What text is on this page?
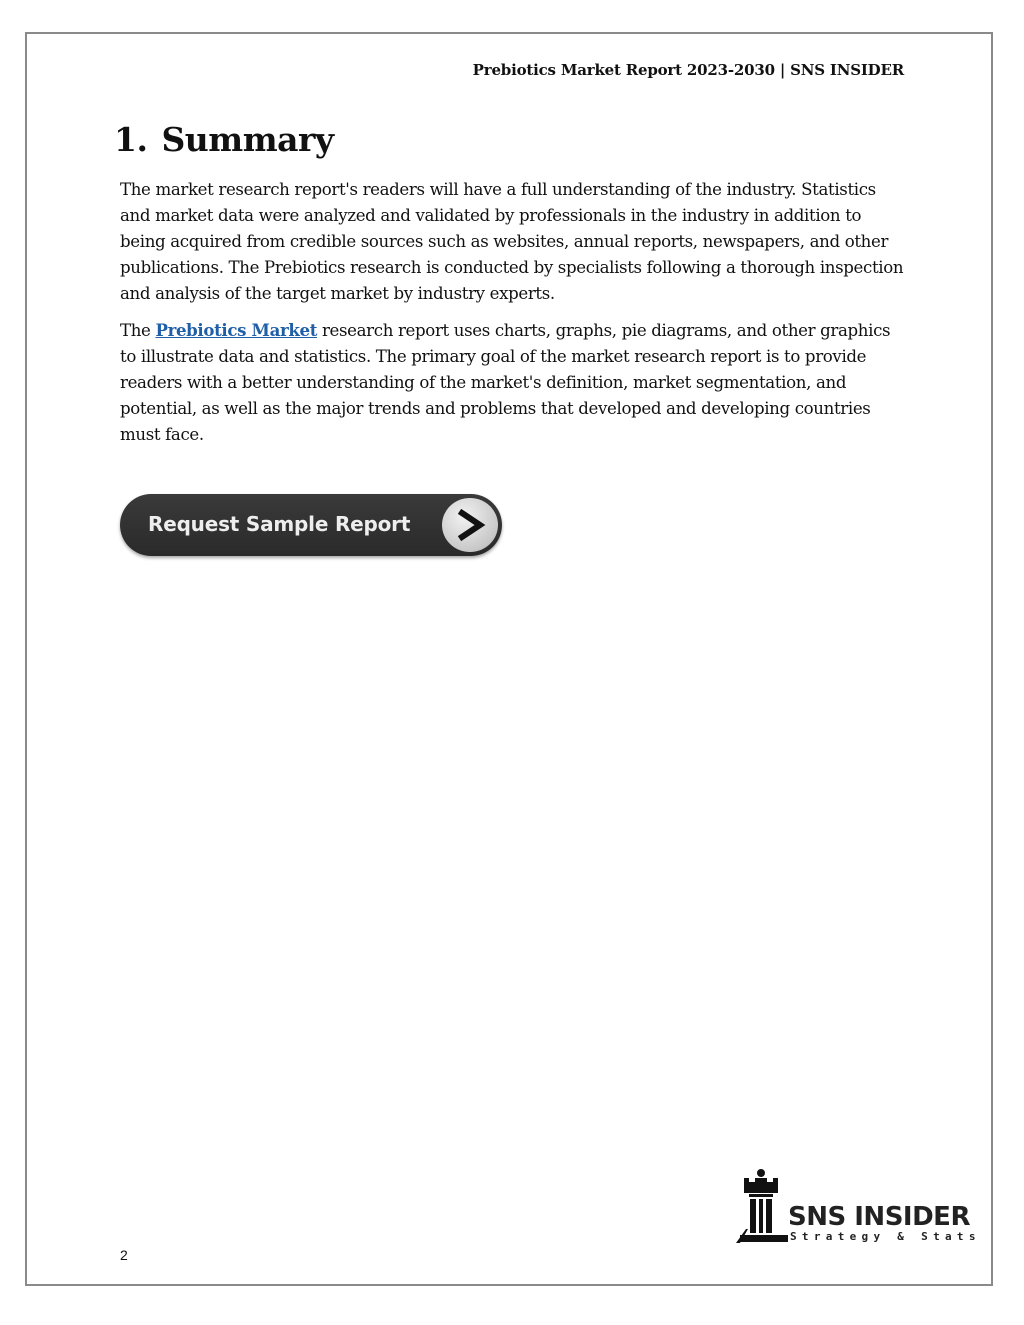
Prebiotics Market Report 2023-2030 | SNS INSIDER
1. Summary

The market research report's readers will have a full understanding of the industry. Statistics and market data were analyzed and validated by professionals in the industry in addition to being acquired from credible sources such as websites, annual reports, newspapers, and other publications. The Prebiotics research is conducted by specialists following a thorough inspection and analysis of the target market by industry experts.

The Prebiotics Market research report uses charts, graphs, pie diagrams, and other graphics to illustrate data and statistics. The primary goal of the market research report is to provide readers with a better understanding of the market's definition, market segmentation, and potential, as well as the major trends and problems that developed and developing countries must face.

Request Sample Report
SNS INSIDER
Strategy & Stats
2
